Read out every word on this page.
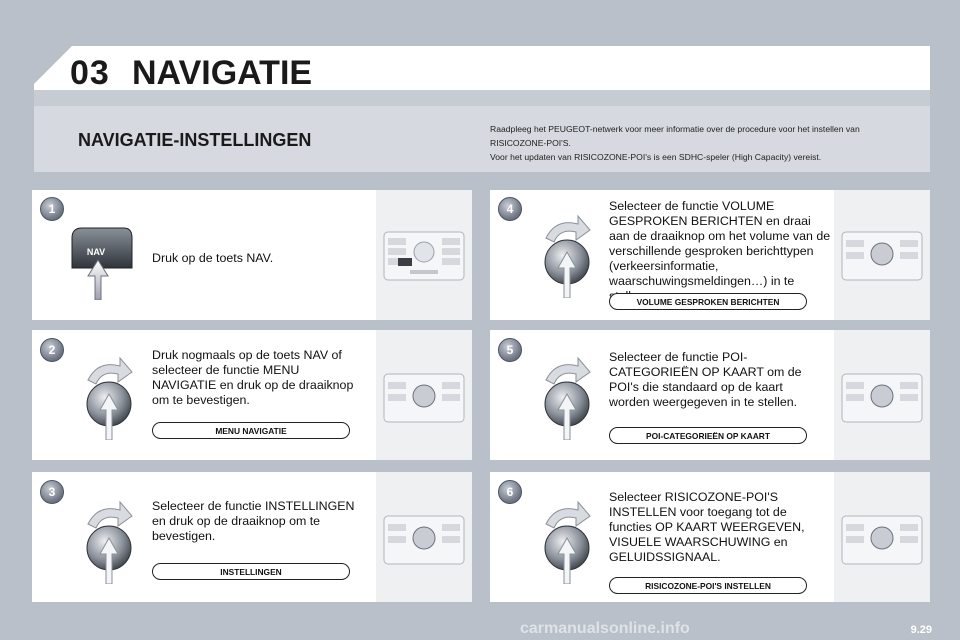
03 NAVIGATIE
NAVIGATIE-INSTELLINGEN

Raadpleeg het PEUGEOT-netwerk voor meer informatie over de procedure voor het instellen van RISICOZONE-POI'S.

Voor het updaten van RISICOZONE-POI's is een SDHC-speler (High Capacity) vereist.

1
NAV	Druk op de toets NAV.
2	Druk nogmaals op de toets NAV of selecteer de functie MENU NAVIGATIE en druk op de draaiknop om te bevestigen.
MENU NAVIGATIE
3
Selecteer de functie INSTELLINGEN en druk op de draaiknop om te bevestigen.
INSTELLINGEN
4	Selecteer de functie VOLUME GESPROKEN BERICHTEN en draai aan de draaiknop om het volume van de verschillende gesproken berichttypen (verkeersinformatie, waarschuwingsmeldingen…) in te
VOLUME GESPROKEN BERICHTEN
5	Selecteer de functie POI-CATEGORIEËN OP KAART om de POI's die standaard op de kaart worden weergegeven in te stellen.
POI-CATEGORIEËN OP KAART
6	Selecteer RISICOZONE-POI'S INSTELLEN voor toegang tot de functies OP KAART WEERGEVEN, VISUELE WAARSCHUWING en GELUIDSSIGNAAL.
RISICOZONE-POI'S INSTELLEN
carmanualsonline.info	9.29
